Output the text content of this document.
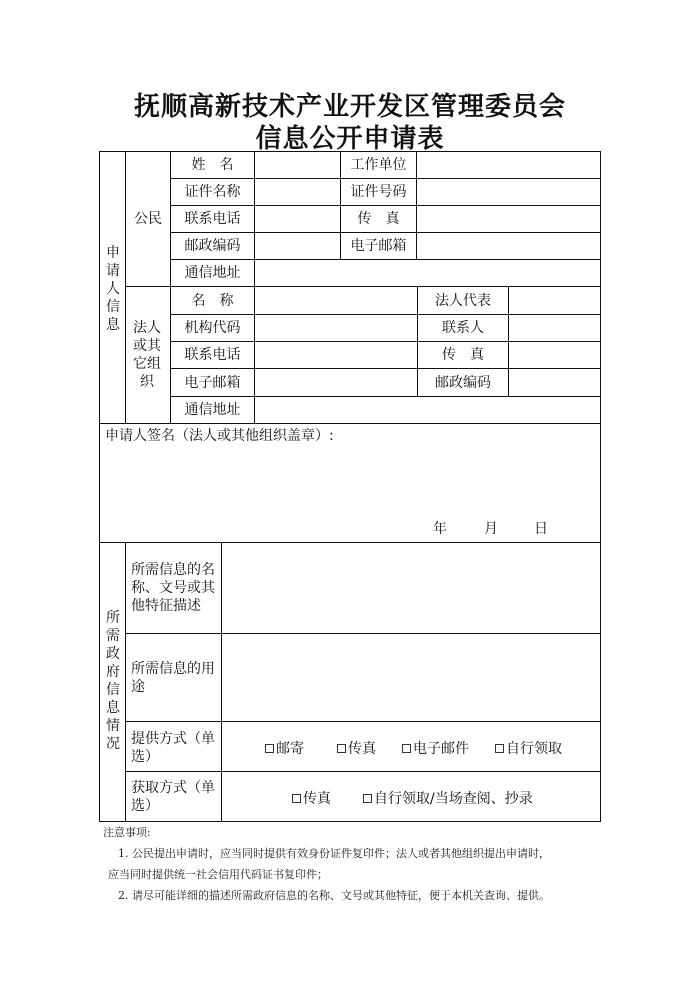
抚顺高新技术产业开发区管理委员会
信息公开申请表
申请人信息
公民
法人或其它组织
姓　名	工作单位
证件名称	证件号码
联系电话	传　真
邮政编码	电子邮箱
通信地址
名　称	法人代表
机构代码	联系人
联系电话	传　真
电子邮箱	邮政编码
通信地址
申请人签名（法人或其他组织盖章）:
年	月	日
所需政府信息情况
所需信息的名称、文号或其他特征描述
所需信息的用途
提供方式（单选）	邮寄	传真	电子邮件	自行领取
获取方式（单选）	传真	自行领取/当场查阅、抄录
注意事项:
1. 公民提出申请时，应当同时提供有效身份证件复印件；法人或者其他组织提出申请时，
应当同时提供统一社会信用代码证书复印件；
2. 请尽可能详细的描述所需政府信息的名称、文号或其他特征，便于本机关查询、提供。
